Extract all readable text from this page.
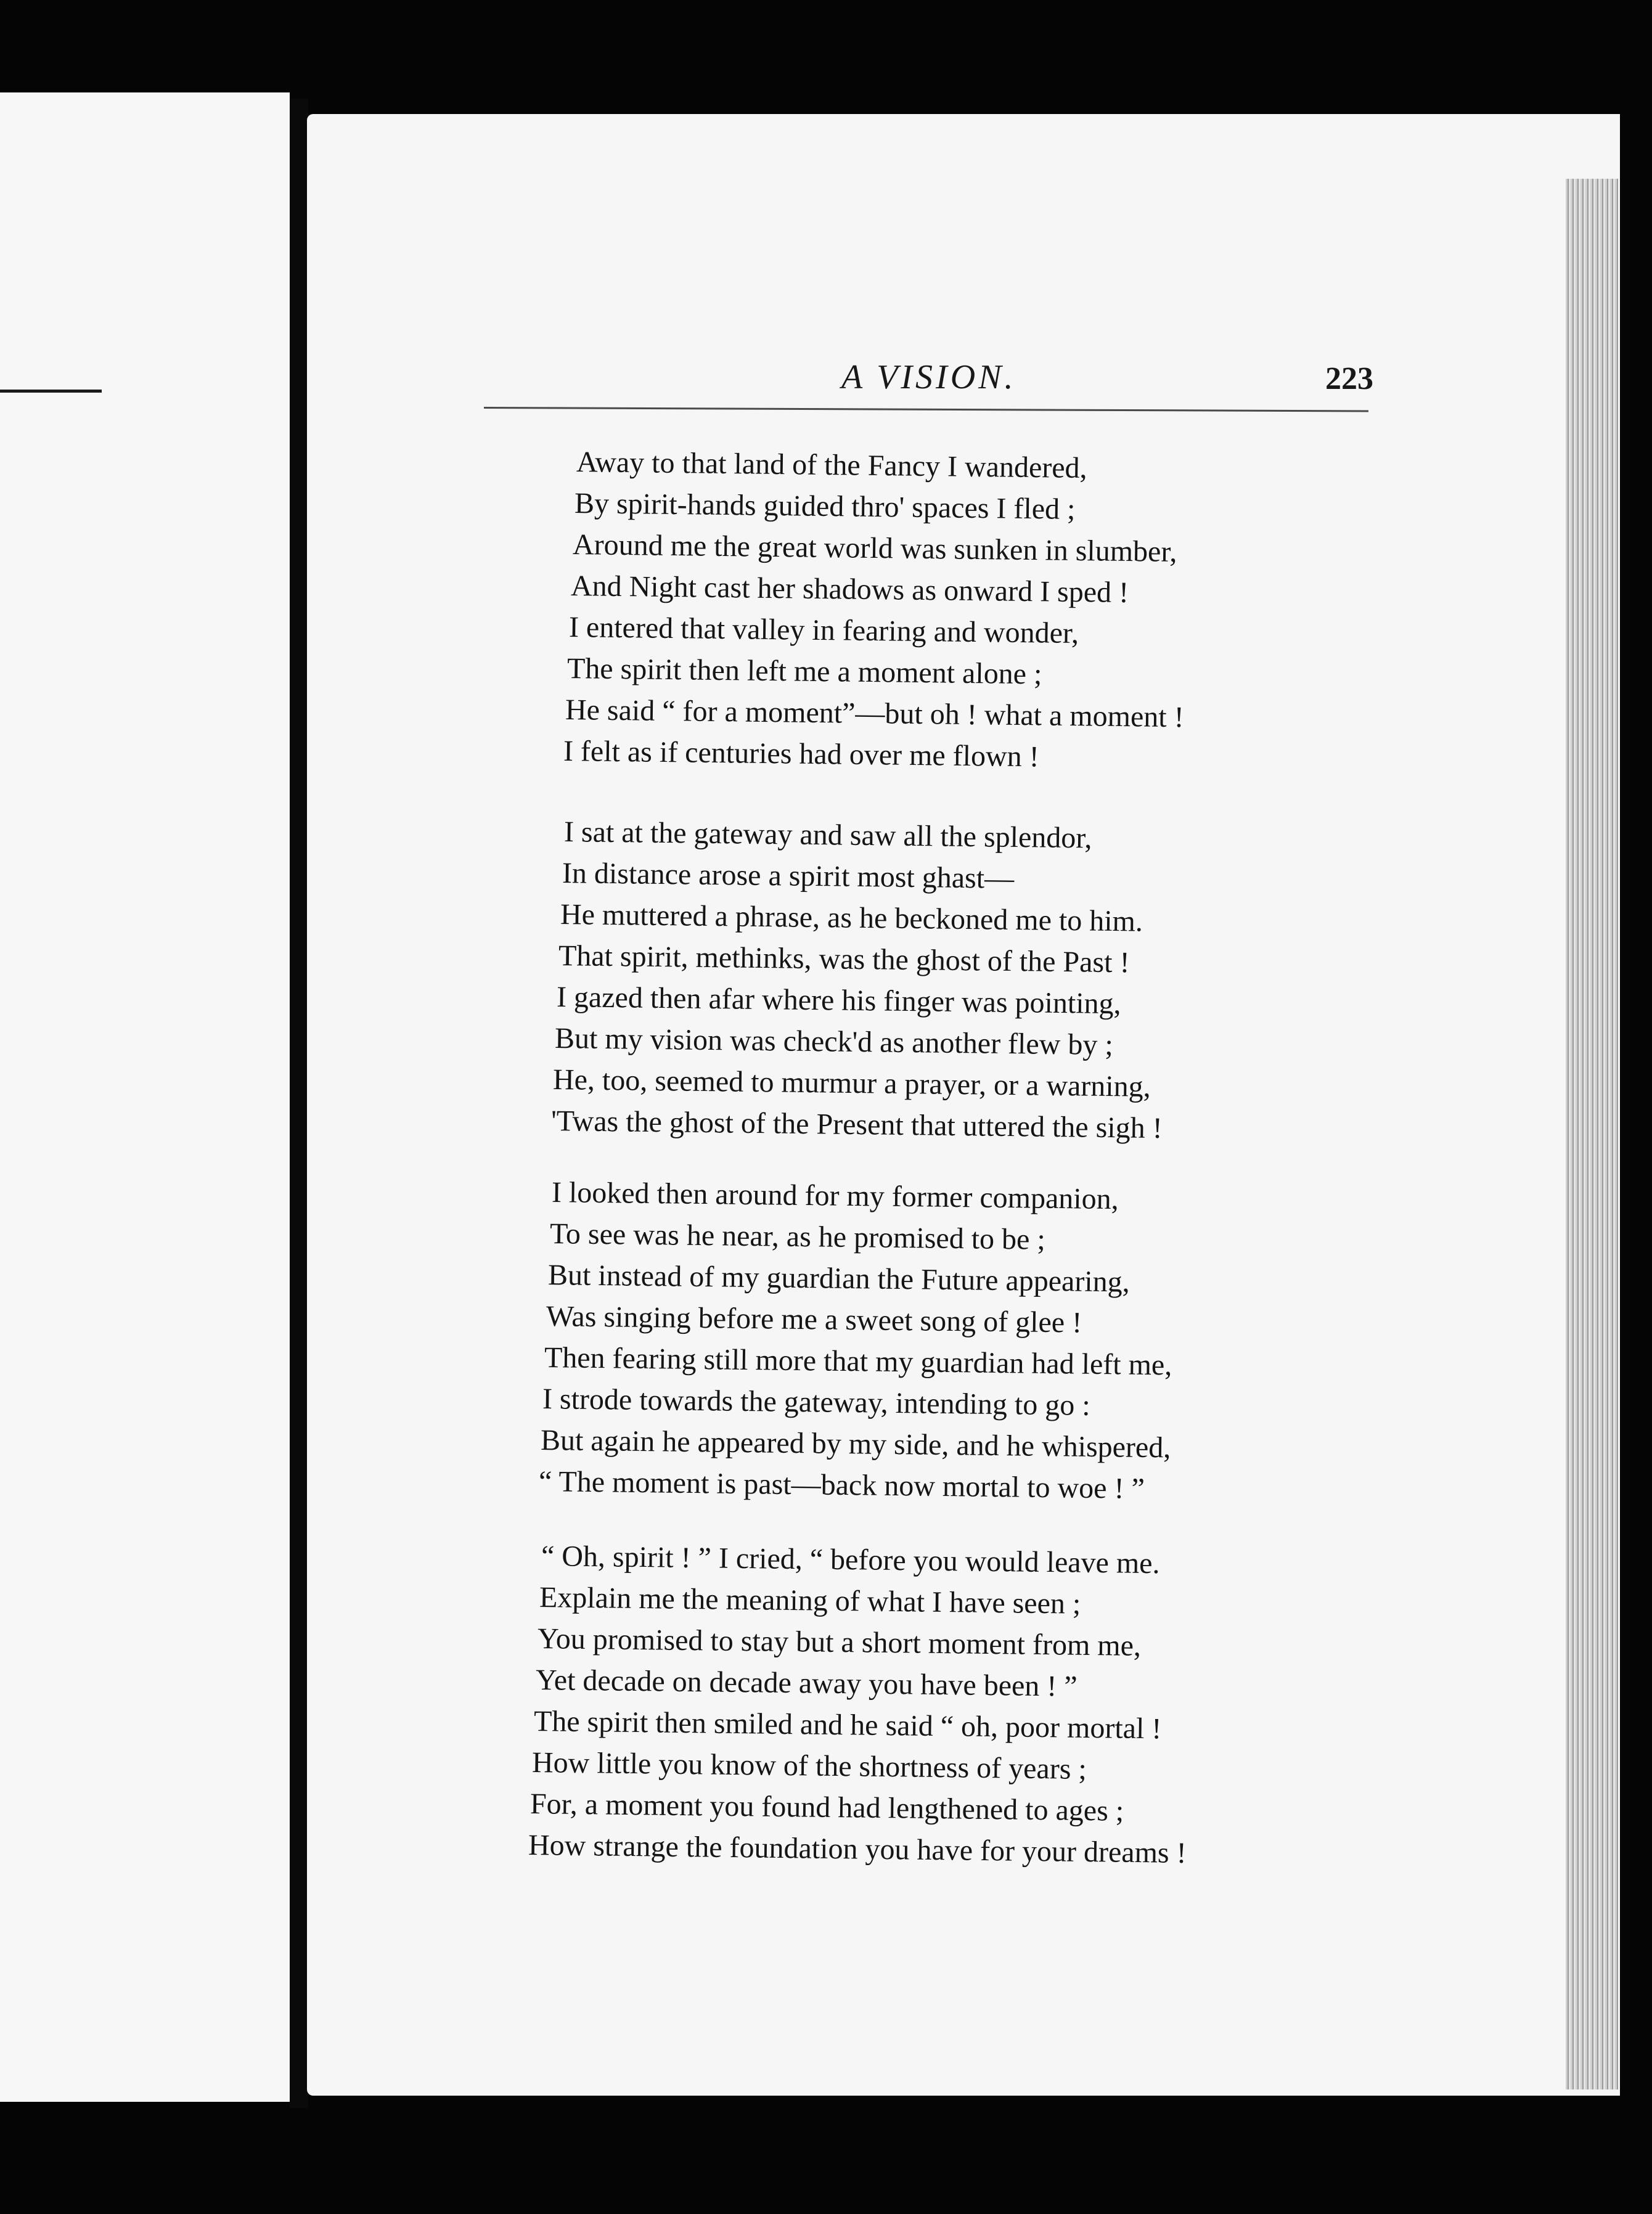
A VISION.	223
Away to that land of the Fancy I wandered,
By spirit-hands guided thro' spaces I fled ;
Around me the great world was sunken in slumber,
And Night cast her shadows as onward I sped !
I entered that valley in fearing and wonder,
The spirit then left me a moment alone ;
He said “ for a moment”—but oh ! what a moment !
I felt as if centuries had over me flown !
I sat at the gateway and saw all the splendor,
In distance arose a spirit most ghast—
He muttered a phrase, as he beckoned me to him.
That spirit, methinks, was the ghost of the Past !
I gazed then afar where his finger was pointing,
But my vision was check'd as another flew by ;
He, too, seemed to murmur a prayer, or a warning,
'Twas the ghost of the Present that uttered the sigh !
I looked then around for my former companion,
To see was he near, as he promised to be ;
But instead of my guardian the Future appearing,
Was singing before me a sweet song of glee !
Then fearing still more that my guardian had left me,
I strode towards the gateway, intending to go :
But again he appeared by my side, and he whispered,
“ The moment is past—back now mortal to woe ! ”
“ Oh, spirit ! ” I cried, “ before you would leave me.
Explain me the meaning of what I have seen ;
You promised to stay but a short moment from me,
Yet decade on decade away you have been ! ”
The spirit then smiled and he said “ oh, poor mortal !
How little you know of the shortness of years ;
For, a moment you found had lengthened to ages ;
How strange the foundation you have for your dreams !
